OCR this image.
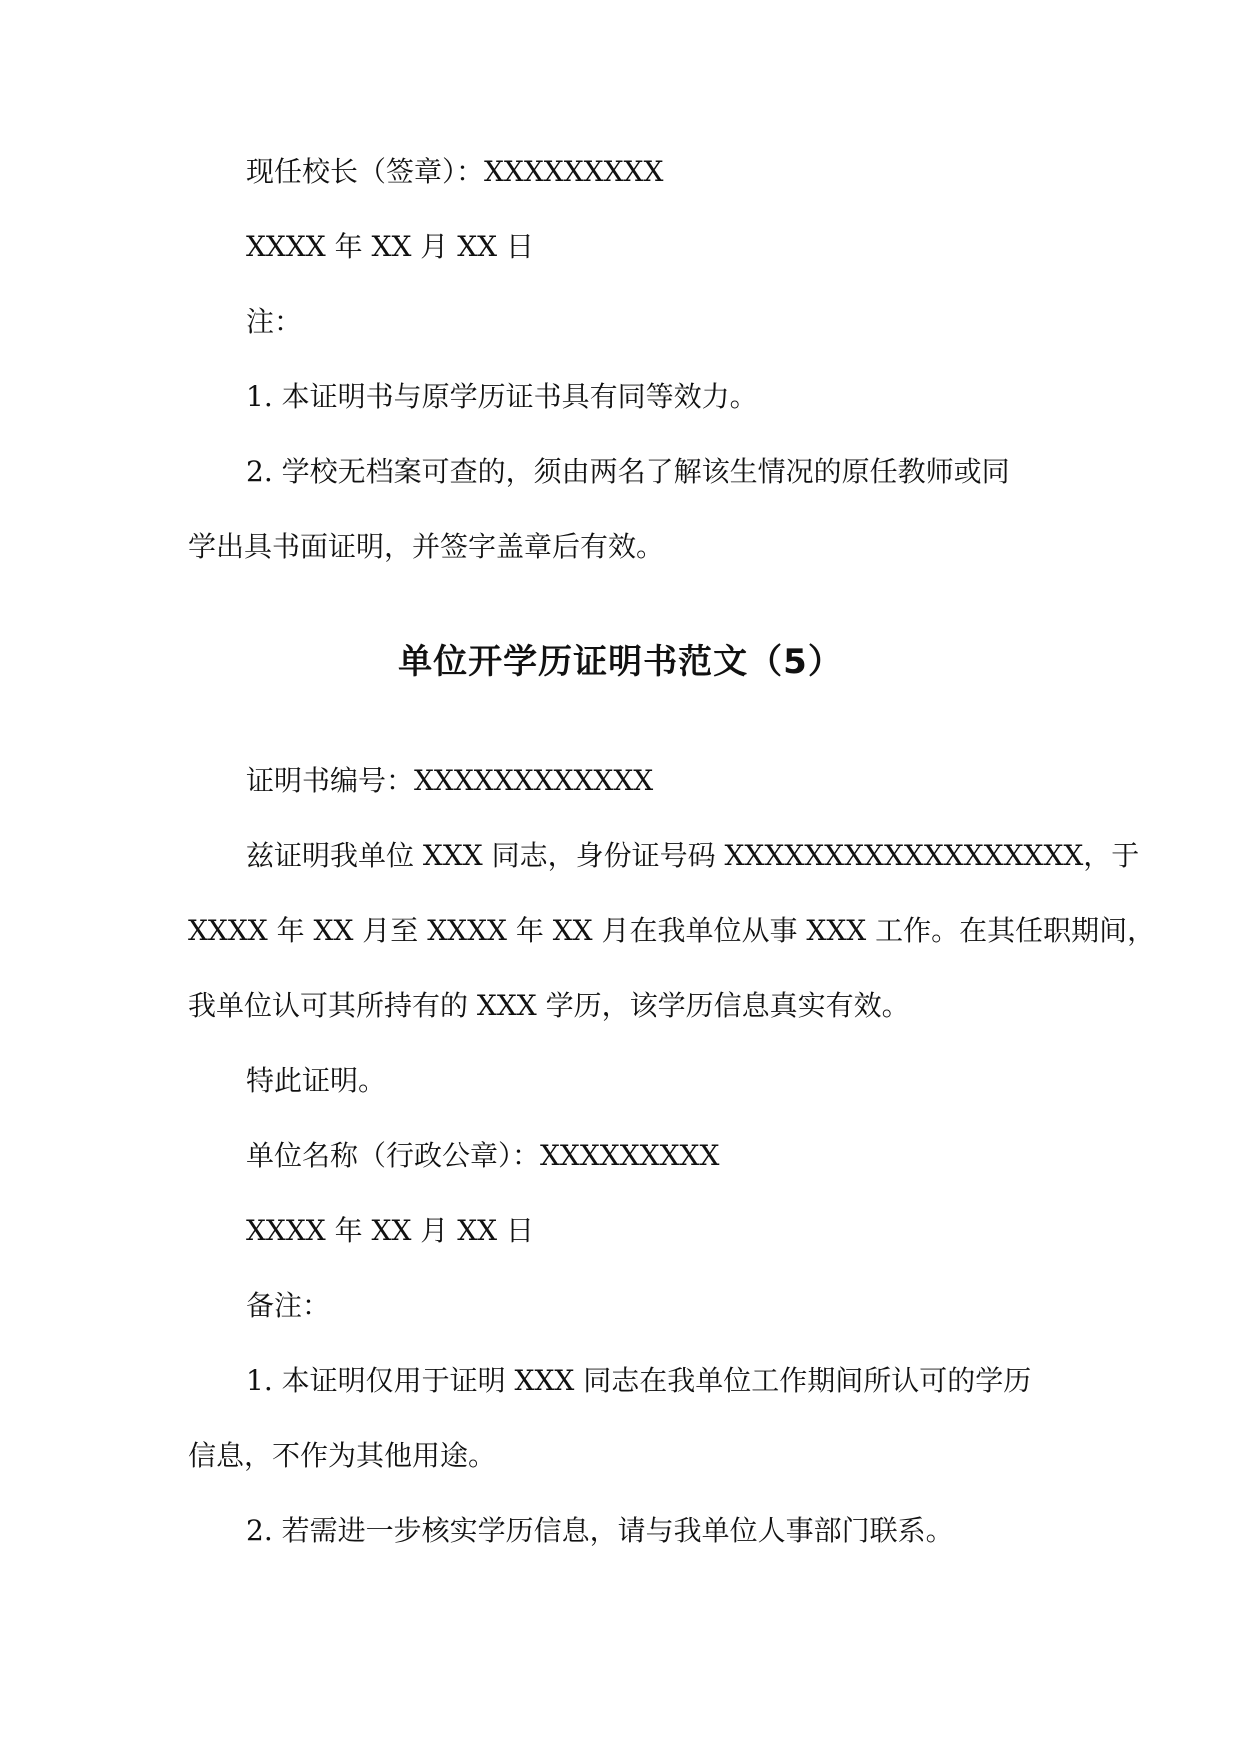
现任校长（签章）：XXXXXXXXX
XXXX 年 XX 月 XX 日
注：
1. 本证明书与原学历证书具有同等效力。
2. 学校无档案可查的，须由两名了解该生情况的原任教师或同
学出具书面证明，并签字盖章后有效。
单位开学历证明书范文（5）
证明书编号：XXXXXXXXXXXX
兹证明我单位 XXX 同志，身份证号码 XXXXXXXXXXXXXXXXXX，于
XXXX 年 XX 月至 XXXX 年 XX 月在我单位从事 XXX 工作。在其任职期间，
我单位认可其所持有的 XXX 学历，该学历信息真实有效。
特此证明。
单位名称（行政公章）：XXXXXXXXX
XXXX 年 XX 月 XX 日
备注：
1. 本证明仅用于证明 XXX 同志在我单位工作期间所认可的学历
信息，不作为其他用途。
2. 若需进一步核实学历信息，请与我单位人事部门联系。
